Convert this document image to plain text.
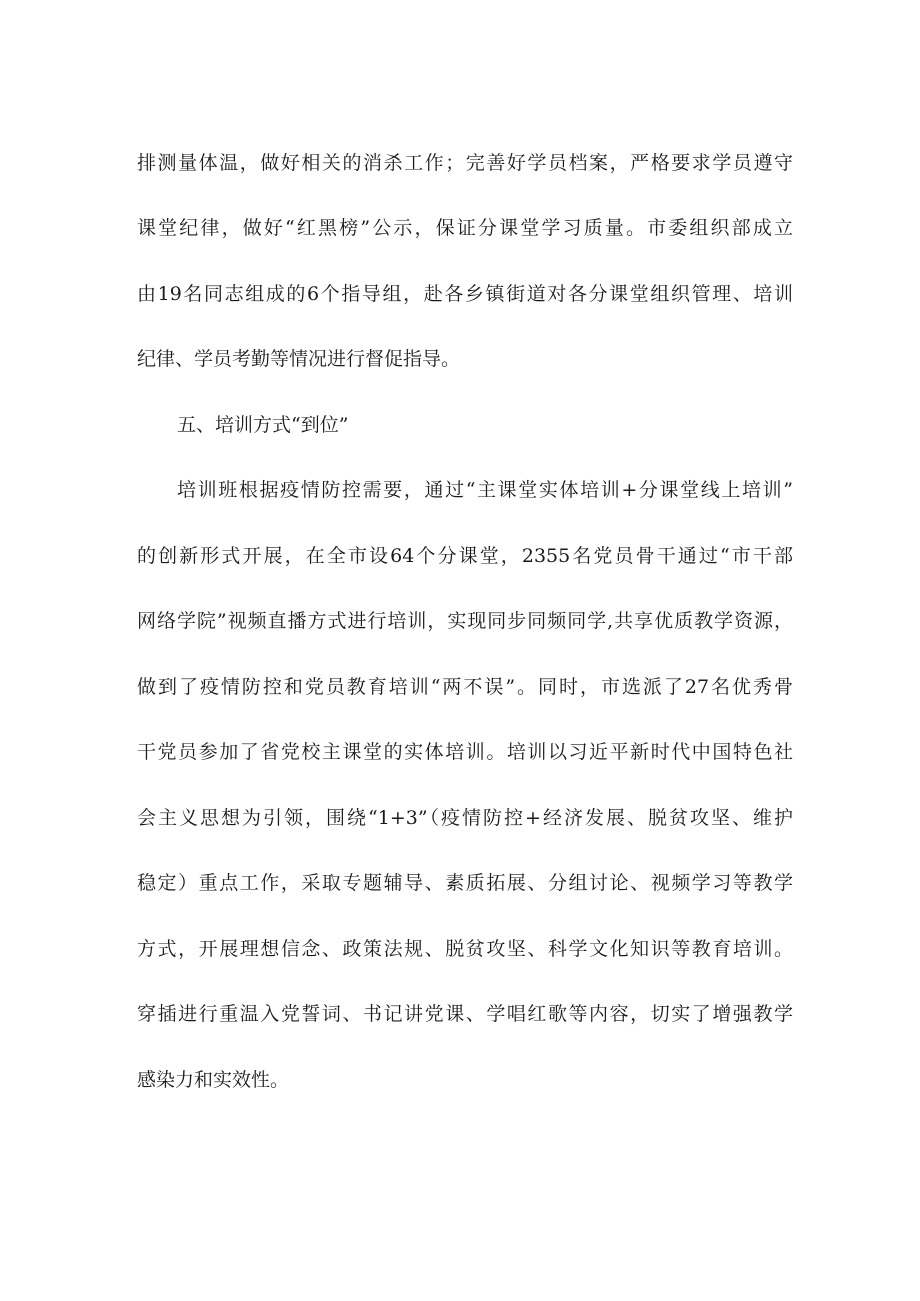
排测量体温，做好相关的消杀工作；完善好学员档案，严格要求学员遵守
课堂纪律，做好“红黑榜”公示，保证分课堂学习质量。市委组织部成立
由19名同志组成的6个指导组，赴各乡镇街道对各分课堂组织管理、培训
纪律、学员考勤等情况进行督促指导。
五、培训方式“到位”
培训班根据疫情防控需要，通过“主课堂实体培训+分课堂线上培训”
的创新形式开展，在全市设64个分课堂，2355名党员骨干通过“市干部
网络学院”视频直播方式进行培训，实现同步同频同学,共享优质教学资源，
做到了疫情防控和党员教育培训“两不误”。同时，市选派了27名优秀骨
干党员参加了省党校主课堂的实体培训。培训以习近平新时代中国特色社
会主义思想为引领，围绕“1+3”（疫情防控+经济发展、脱贫攻坚、维护
稳定）重点工作，采取专题辅导、素质拓展、分组讨论、视频学习等教学
方式，开展理想信念、政策法规、脱贫攻坚、科学文化知识等教育培训。
穿插进行重温入党誓词、书记讲党课、学唱红歌等内容，切实了增强教学
感染力和实效性。
